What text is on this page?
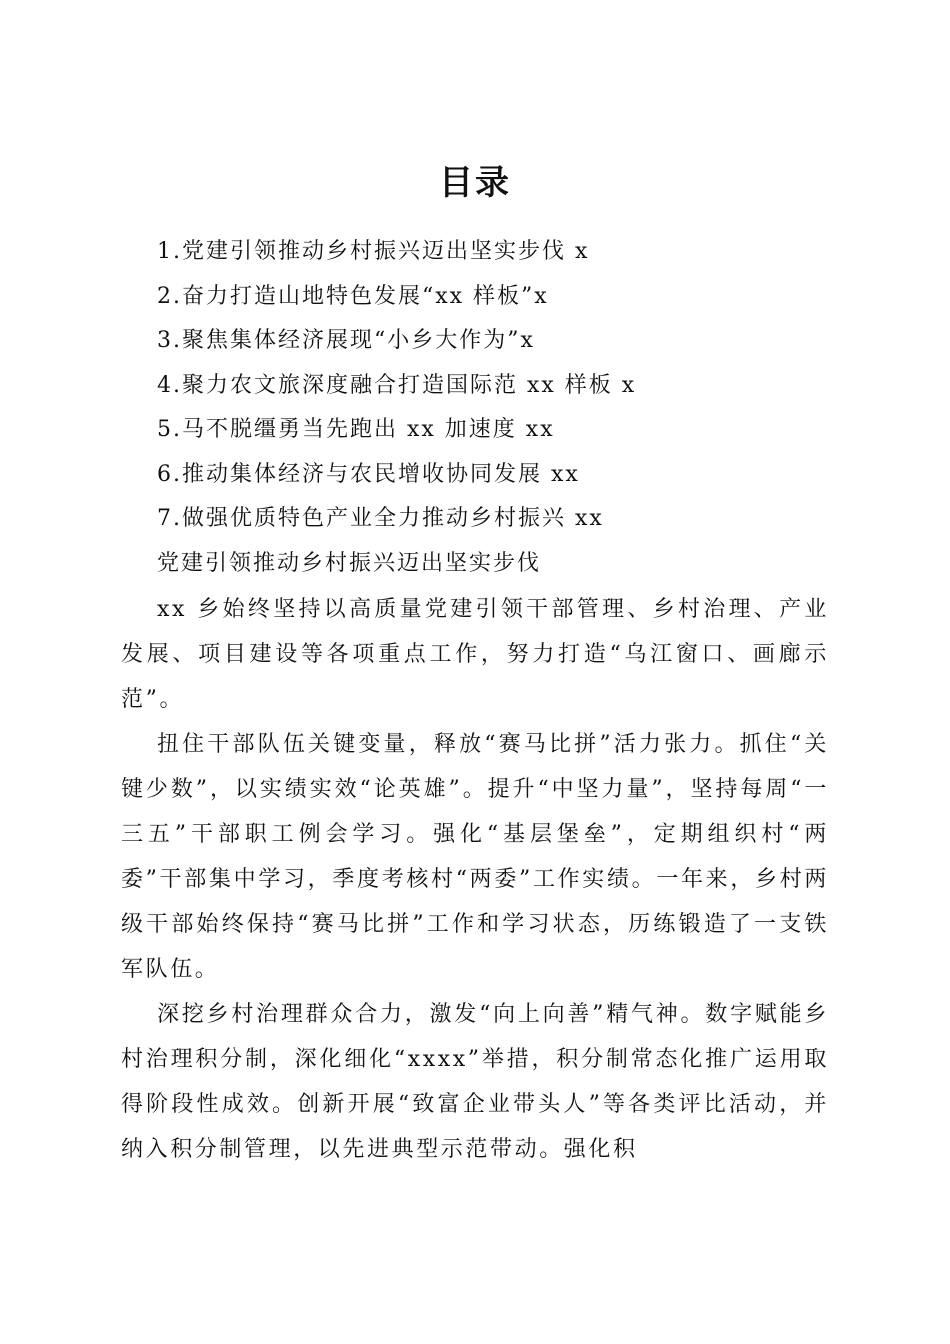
目录
1.党建引领推动乡村振兴迈出坚实步伐 x
2.奋力打造山地特色发展“xx 样板”x
3.聚焦集体经济展现“小乡大作为”x
4.聚力农文旅深度融合打造国际范 xx 样板 x
5.马不脱缰勇当先跑出 xx 加速度 xx
6.推动集体经济与农民增收协同发展 xx
7.做强优质特色产业全力推动乡村振兴 xx
党建引领推动乡村振兴迈出坚实步伐

xx 乡始终坚持以高质量党建引领干部管理、乡村治理、产业发展、项目建设等各项重点工作，努力打造“乌江窗口、画廊示范”。

扭住干部队伍关键变量，释放“赛马比拼”活力张力。抓住“关键少数”，以实绩实效“论英雄”。提升“中坚力量”，坚持每周“一三五”干部职工例会学习。强化“基层堡垒”，定期组织村“两委”干部集中学习，季度考核村“两委”工作实绩。一年来，乡村两级干部始终保持“赛马比拼”工作和学习状态，历练锻造了一支铁军队伍。

深挖乡村治理群众合力，激发“向上向善”精气神。数字赋能乡村治理积分制，深化细化“xxxx”举措，积分制常态化推广运用取得阶段性成效。创新开展“致富企业带头人”等各类评比活动，并纳入积分制管理，以先进典型示范带动。强化积
